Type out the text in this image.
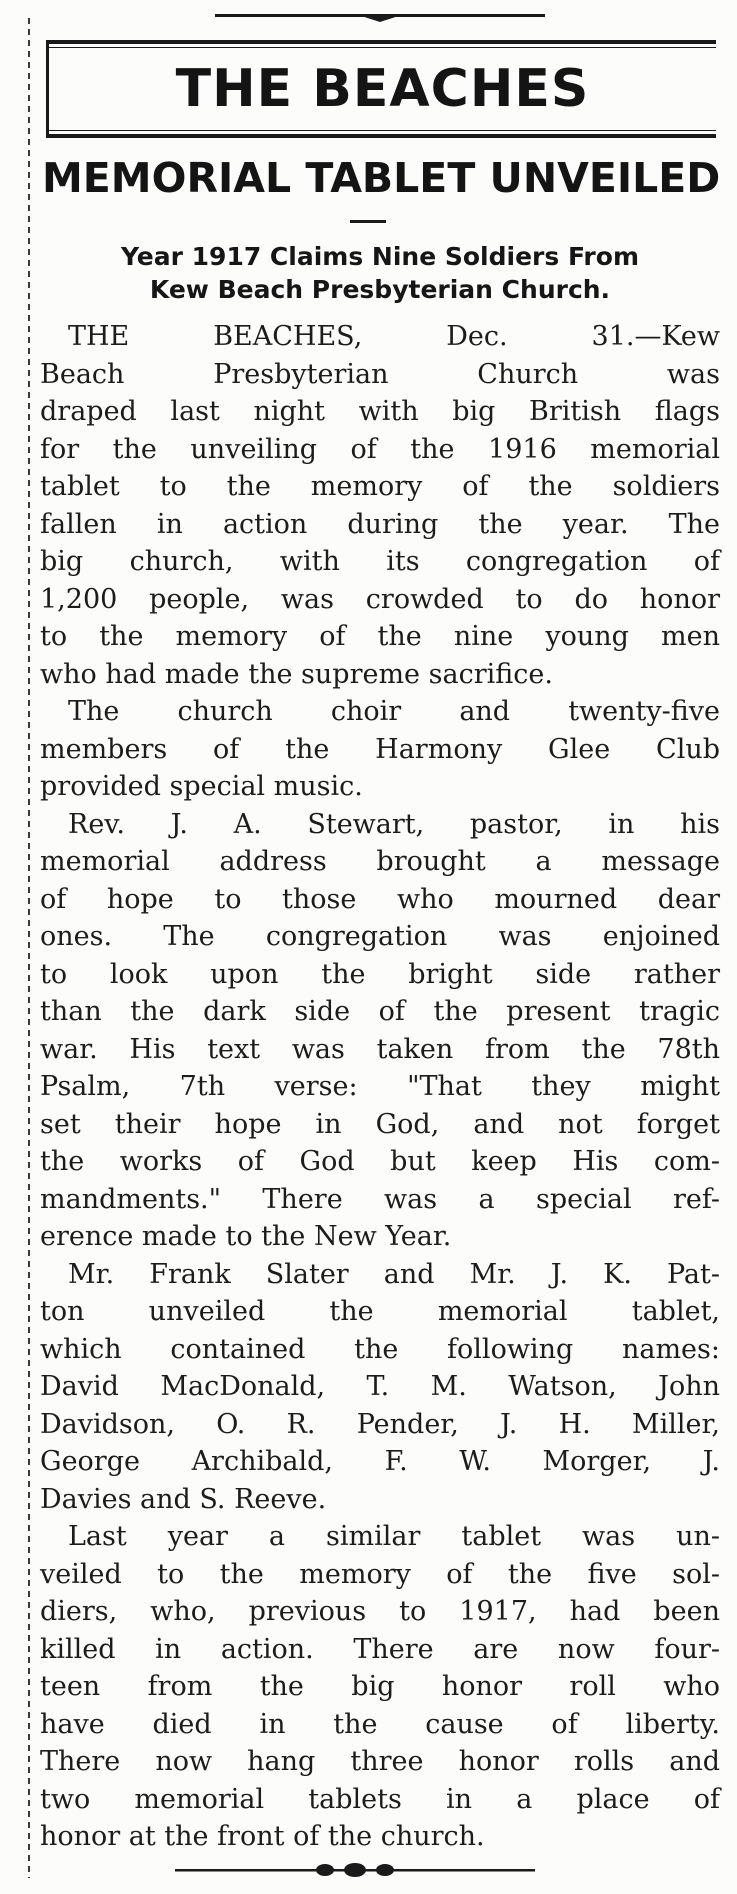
THE BEACHES
MEMORIAL TABLET UNVEILED
Year 1917 Claims Nine Soldiers From
Kew Beach Presbyterian Church.
THE BEACHES, Dec. 31.—Kew
Beach Presbyterian Church was
draped last night with big British flags
for the unveiling of the 1916 memorial
tablet to the memory of the soldiers
fallen in action during the year. The
big church, with its congregation of
1,200 people, was crowded to do honor
to the memory of the nine young men
who had made the supreme sacrifice.
The church choir and twenty-five
members of the Harmony Glee Club
provided special music.
Rev. J. A. Stewart, pastor, in his
memorial address brought a message
of hope to those who mourned dear
ones. The congregation was enjoined
to look upon the bright side rather
than the dark side of the present tragic
war. His text was taken from the 78th
Psalm, 7th verse: "That they might
set their hope in God, and not forget
the works of God but keep His com-
mandments." There was a special ref-
erence made to the New Year.
Mr. Frank Slater and Mr. J. K. Pat-
ton unveiled the memorial tablet,
which contained the following names:
David MacDonald, T. M. Watson, John
Davidson, O. R. Pender, J. H. Miller,
George Archibald, F. W. Morger, J.
Davies and S. Reeve.
Last year a similar tablet was un-
veiled to the memory of the five sol-
diers, who, previous to 1917, had been
killed in action. There are now four-
teen from the big honor roll who
have died in the cause of liberty.
There now hang three honor rolls and
two memorial tablets in a place of
honor at the front of the church.
